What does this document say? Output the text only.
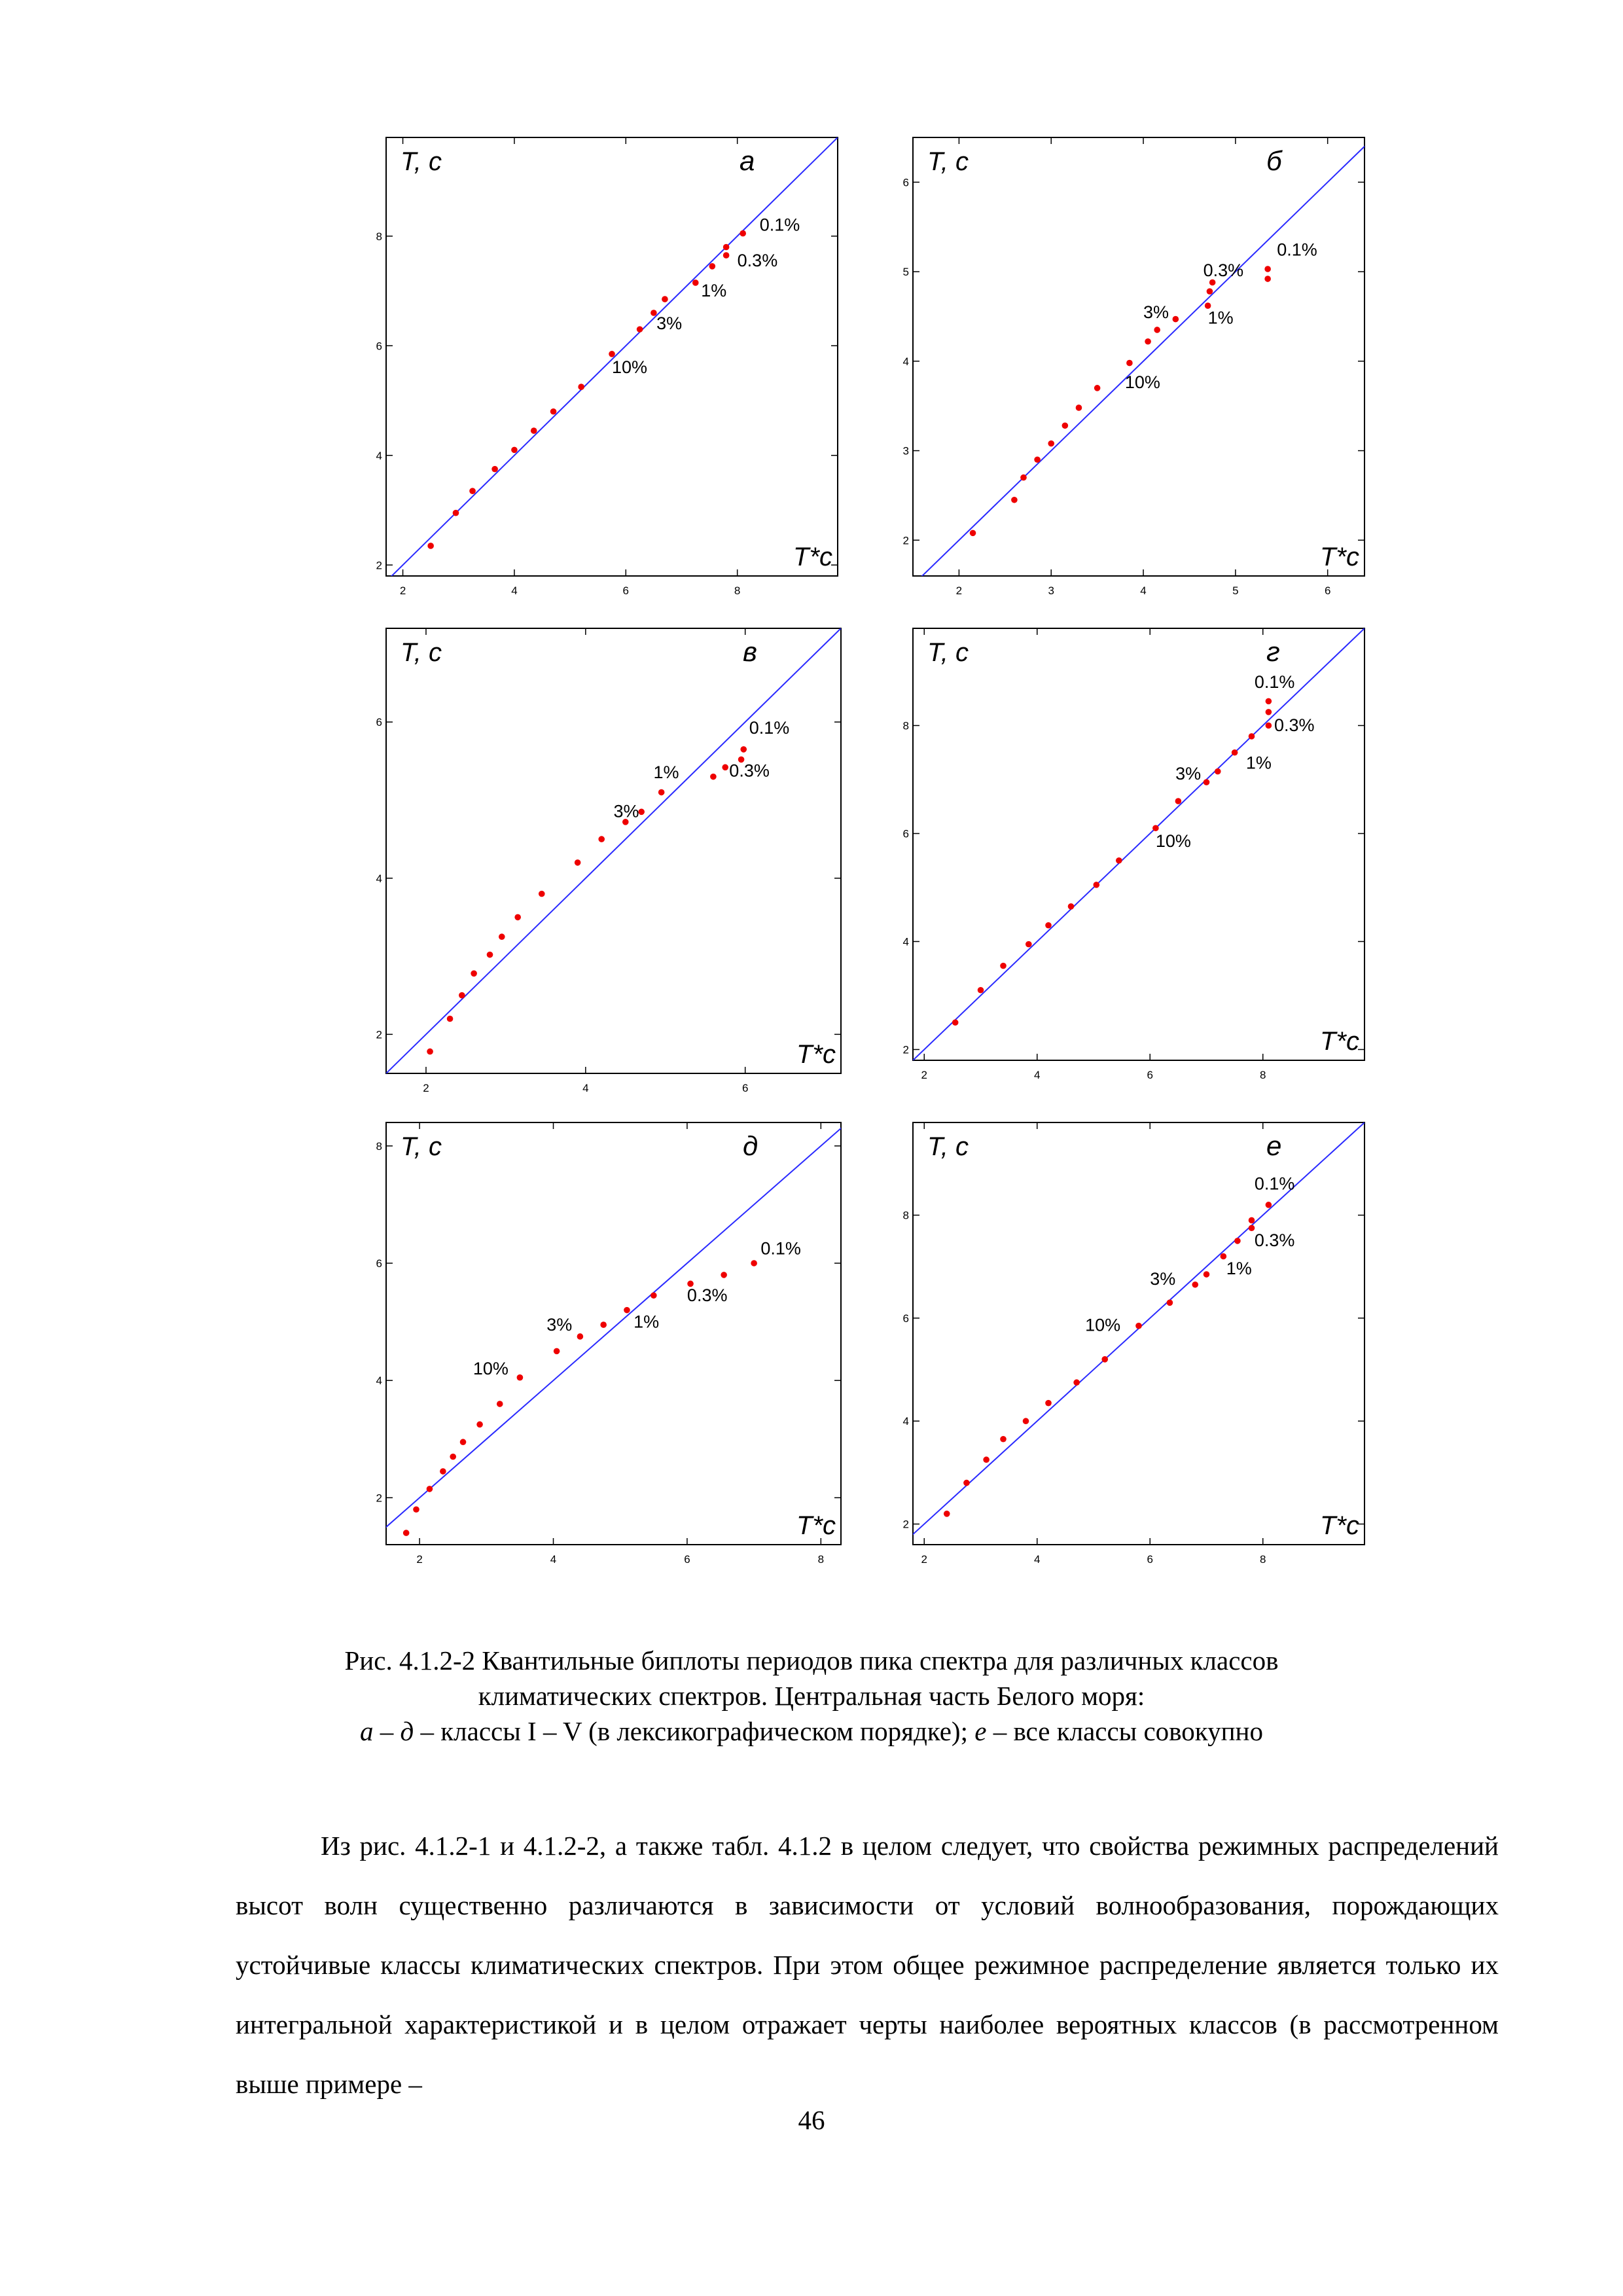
2	4	6	8
2
4
6
8
0.1%
0.3%
1%
3%
10%
T, c
T*c
а
2	3	4	5	6
2
3
4
5
6
0.1%
0.3%
1%
3%
10%
T, c
T*c
б
2	4	6
2
4
6	0.1%
0.3%
1%
3%
T, c
T*c
в
2	4	6	8
2
4
6
8
0.1%
0.3%
1%
3%
10%
T, c
T*c
г
2	4	6	8
2
4
6
8
0.1%
0.3%
1%
3%
10%
T, c
T*c
д
2	4	6	8
2
4
6
8
0.1%
0.3%
1%
3%
10%
T, c
T*c
е
Рис. 4.1.2-2 Квантильные биплоты периодов пика спектра для различных классов
климатических спектров. Центральная часть Белого моря:
а – д – классы I – V (в лексикографическом порядке); е – все классы совокупно
Из рис. 4.1.2-1 и 4.1.2-2, а также табл. 4.1.2 в целом следует, что свойства режимных распределений высот волн существенно различаются в зависимости от условий волнообразования, порождающих устойчивые классы климатических спектров. При этом общее режимное распределение является только их интегральной характеристикой и в целом отражает черты наиболее вероятных классов (в рассмотренном выше примере –
46
